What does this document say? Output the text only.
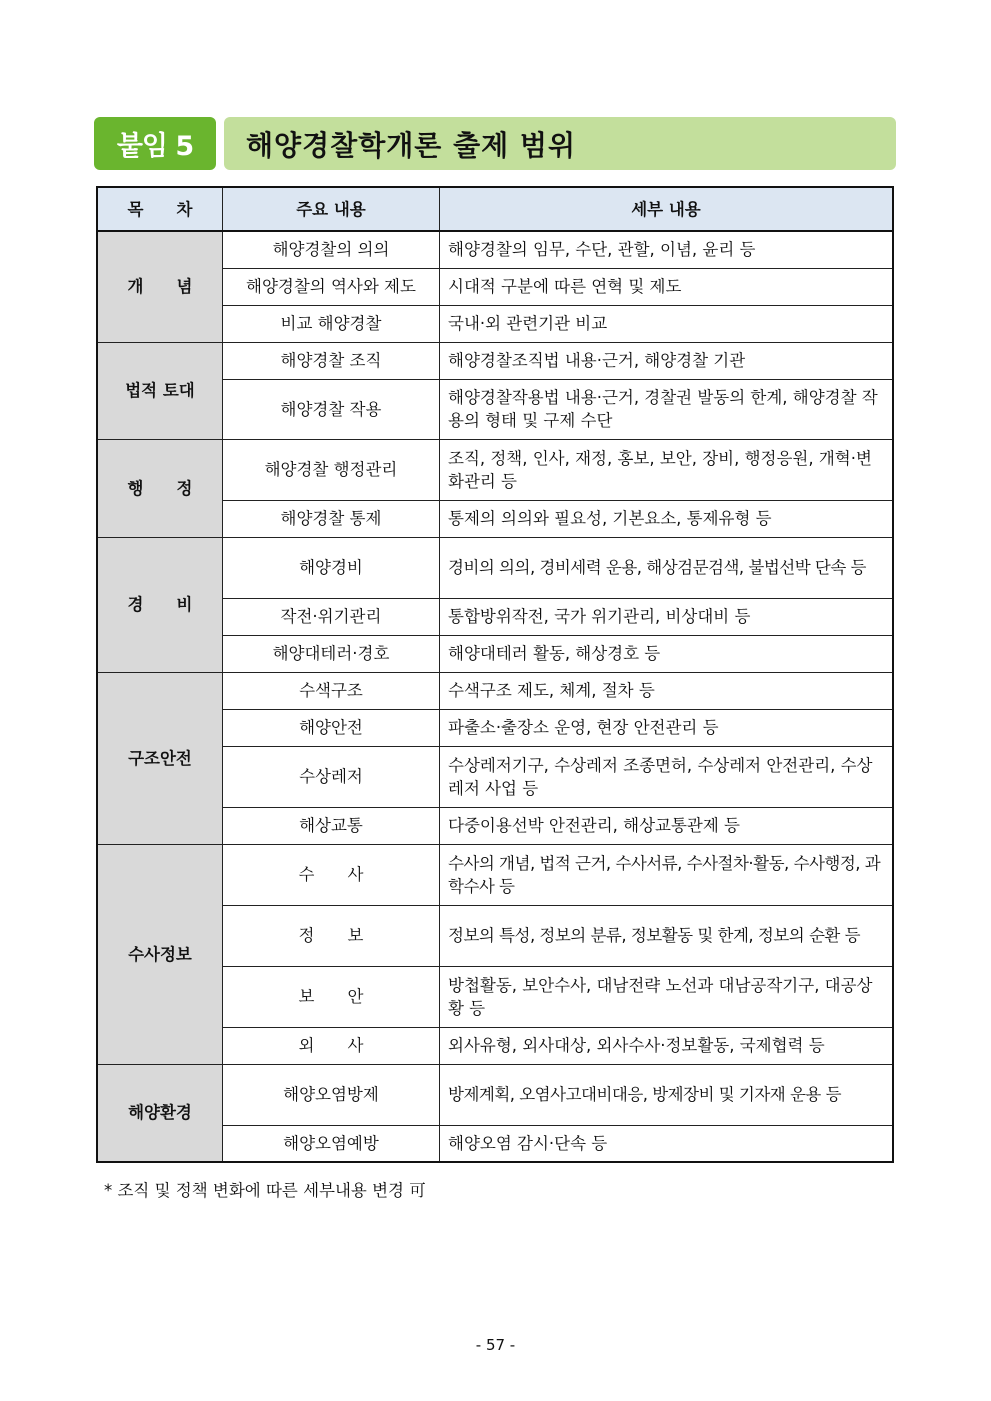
붙임 5	해양경찰학개론 출제 범위
목　　차	주요 내용	세부 내용
개　　념	해양경찰의 의의	해양경찰의 임무, 수단, 관할, 이념, 윤리 등
	해양경찰의 역사와 제도	시대적 구분에 따른 연혁 및 제도
	비교 해양경찰	국내·외 관련기관 비교
법적 토대	해양경찰 조직	해양경찰조직법 내용·근거, 해양경찰 기관
	해양경찰 작용	해양경찰작용법 내용·근거, 경찰권 발동의 한계, 해양경찰 작용의 형태 및 구제 수단
행　　정	해양경찰 행정관리	조직, 정책, 인사, 재정, 홍보, 보안, 장비, 행정응원, 개혁·변화관리 등
	해양경찰 통제	통제의 의의와 필요성, 기본요소, 통제유형 등
경　　비	해양경비	경비의 의의, 경비세력 운용, 해상검문검색, 불법선박 단속 등
	작전·위기관리	통합방위작전, 국가 위기관리, 비상대비 등
	해양대테러·경호	해양대테러 활동, 해상경호 등
구조안전	수색구조	수색구조 제도, 체계, 절차 등
	해양안전	파출소·출장소 운영, 현장 안전관리 등
	수상레저	수상레저기구, 수상레저 조종면허, 수상레저 안전관리, 수상레저 사업 등
	해상교통	다중이용선박 안전관리, 해상교통관제 등
수사정보	수　　사	수사의 개념, 법적 근거, 수사서류, 수사절차·활동, 수사행정, 과학수사 등
	정　　보	정보의 특성, 정보의 분류, 정보활동 및 한계, 정보의 순환 등
	보　　안	방첩활동, 보안수사, 대남전략 노선과 대남공작기구, 대공상황 등
	외　　사	외사유형, 외사대상, 외사수사·정보활동, 국제협력 등
해양환경	해양오염방제	방제계획, 오염사고대비대응, 방제장비 및 기자재 운용 등
	해양오염예방	해양오염 감시·단속 등
* 조직 및 정책 변화에 따른 세부내용 변경 可
- 57 -
